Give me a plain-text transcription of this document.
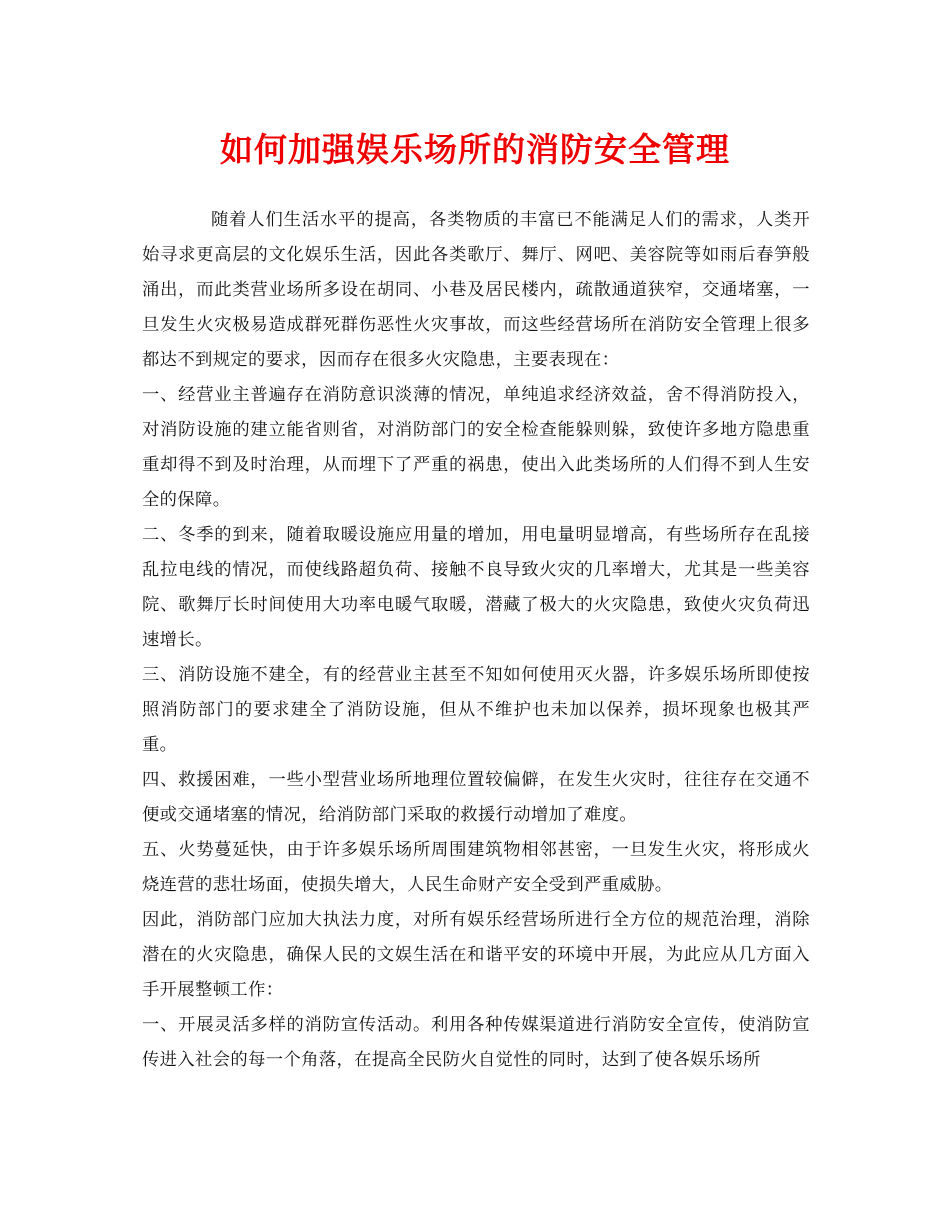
如何加强娱乐场所的消防安全管理

随着人们生活水平的提高，各类物质的丰富已不能满足人们的需求，人类开始寻求更高层的文化娱乐生活，因此各类歌厅、舞厅、网吧、美容院等如雨后春笋般涌出，而此类营业场所多设在胡同、小巷及居民楼内，疏散通道狭窄，交通堵塞，一旦发生火灾极易造成群死群伤恶性火灾事故，而这些经营场所在消防安全管理上很多都达不到规定的要求，因而存在很多火灾隐患，主要表现在：

一、经营业主普遍存在消防意识淡薄的情况，单纯追求经济效益，舍不得消防投入，对消防设施的建立能省则省，对消防部门的安全检查能躲则躲，致使许多地方隐患重重却得不到及时治理，从而埋下了严重的祸患，使出入此类场所的人们得不到人生安全的保障。

二、冬季的到来，随着取暖设施应用量的增加，用电量明显增高，有些场所存在乱接乱拉电线的情况，而使线路超负荷、接触不良导致火灾的几率增大，尤其是一些美容院、歌舞厅长时间使用大功率电暖气取暖，潜藏了极大的火灾隐患，致使火灾负荷迅速增长。

三、消防设施不建全，有的经营业主甚至不知如何使用灭火器，许多娱乐场所即使按照消防部门的要求建全了消防设施，但从不维护也未加以保养，损坏现象也极其严重。

四、救援困难，一些小型营业场所地理位置较偏僻，在发生火灾时，往往存在交通不便或交通堵塞的情况，给消防部门采取的救援行动增加了难度。

五、火势蔓延快，由于许多娱乐场所周围建筑物相邻甚密，一旦发生火灾，将形成火烧连营的悲壮场面，使损失增大，人民生命财产安全受到严重威胁。

因此，消防部门应加大执法力度，对所有娱乐经营场所进行全方位的规范治理，消除潜在的火灾隐患，确保人民的文娱生活在和谐平安的环境中开展，为此应从几方面入手开展整顿工作：

一、开展灵活多样的消防宣传活动。利用各种传媒渠道进行消防安全宣传，使消防宣传进入社会的每一个角落，在提高全民防火自觉性的同时，达到了使各娱乐场所
